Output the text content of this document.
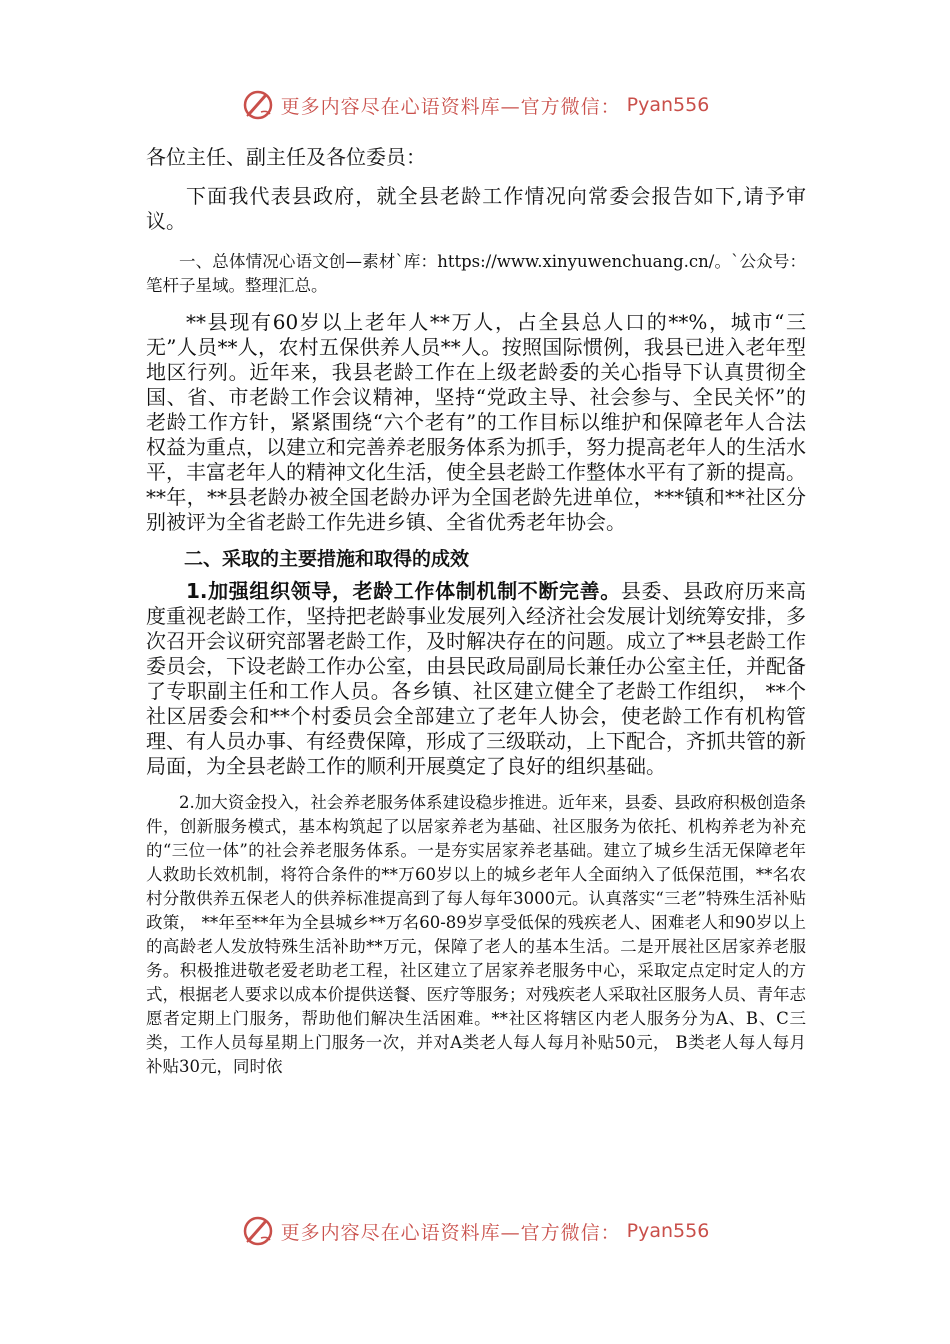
更多内容尽在心语资料库—官方微信： Pyan556

各位主任、副主任及各位委员：

下面我代表县政府，就全县老龄工作情况向常委会报告如下,请予审议。

一、总体情况心语文创—素材`库：https://www.xinyuwenchuang.cn/。`公众号：笔杆子星域。整理汇总。

**县现有60岁以上老年人**万人，占全县总人口的**%，城市“三无”人员**人，农村五保供养人员**人。按照国际惯例，我县已进入老年型地区行列。近年来，我县老龄工作在上级老龄委的关心指导下认真贯彻全国、省、市老龄工作会议精神，坚持“党政主导、社会参与、全民关怀”的老龄工作方针，紧紧围绕“六个老有”的工作目标以维护和保障老年人合法权益为重点，以建立和完善养老服务体系为抓手，努力提高老年人的生活水平，丰富老年人的精神文化生活，使全县老龄工作整体水平有了新的提高。**年，**县老龄办被全国老龄办评为全国老龄先进单位，***镇和**社区分别被评为全省老龄工作先进乡镇、全省优秀老年协会。

二、采取的主要措施和取得的成效

1.加强组织领导，老龄工作体制机制不断完善。县委、县政府历来高度重视老龄工作，坚持把老龄事业发展列入经济社会发展计划统筹安排，多次召开会议研究部署老龄工作，及时解决存在的问题。成立了**县老龄工作委员会，下设老龄工作办公室，由县民政局副局长兼任办公室主任，并配备了专职副主任和工作人员。各乡镇、社区建立健全了老龄工作组织， **个社区居委会和**个村委员会全部建立了老年人协会，使老龄工作有机构管理、有人员办事、有经费保障，形成了三级联动，上下配合，齐抓共管的新局面，为全县老龄工作的顺利开展奠定了良好的组织基础。

2.加大资金投入，社会养老服务体系建设稳步推进。近年来，县委、县政府积极创造条件，创新服务模式，基本构筑起了以居家养老为基础、社区服务为依托、机构养老为补充的“三位一体”的社会养老服务体系。一是夯实居家养老基础。建立了城乡生活无保障老年人救助长效机制，将符合条件的**万60岁以上的城乡老年人全面纳入了低保范围，**名农村分散供养五保老人的供养标准提高到了每人每年3000元。认真落实“三老”特殊生活补贴政策， **年至**年为全县城乡**万名60-89岁享受低保的残疾老人、困难老人和90岁以上的高龄老人发放特殊生活补助**万元，保障了老人的基本生活。二是开展社区居家养老服务。积极推进敬老爱老助老工程，社区建立了居家养老服务中心，采取定点定时定人的方式，根据老人要求以成本价提供送餐、医疗等服务；对残疾老人采取社区服务人员、青年志愿者定期上门服务，帮助他们解决生活困难。**社区将辖区内老人服务分为A、B、C三类，工作人员每星期上门服务一次，并对A类老人每人每月补贴50元， B类老人每人每月补贴30元，同时依

更多内容尽在心语资料库—官方微信： Pyan556
